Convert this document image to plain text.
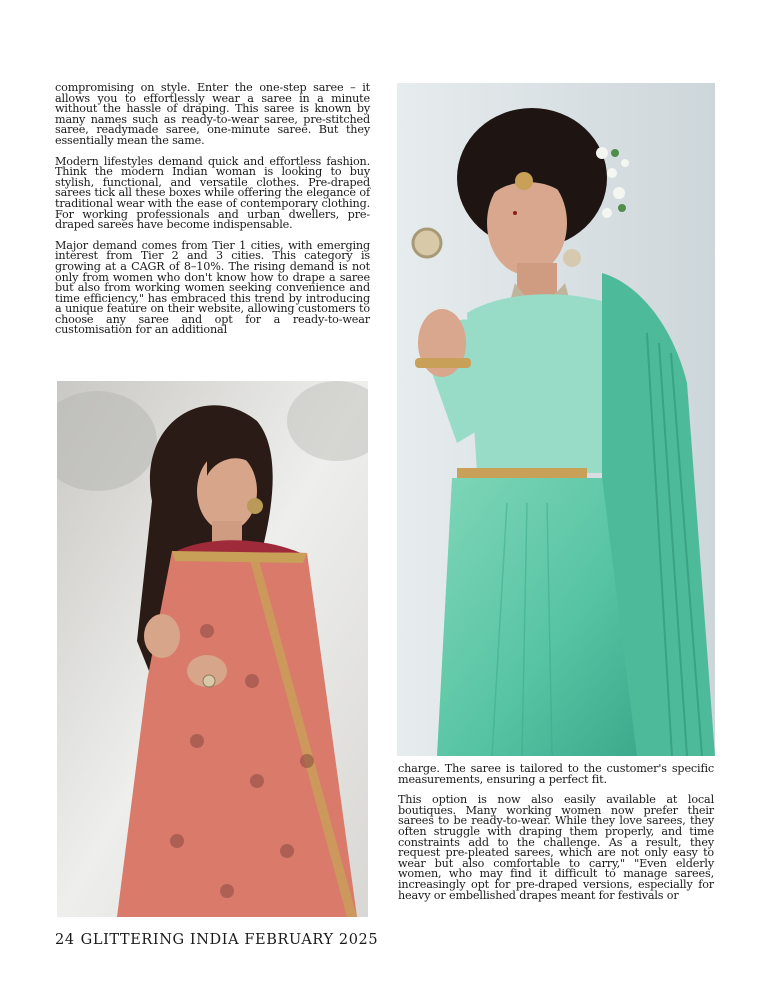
compromising on style. Enter the one-step saree – it allows you to effortlessly wear a saree in a minute without the hassle of draping. This saree is known by many names such as ready-to-wear saree, pre-stitched saree, readymade saree, one-minute saree. But they essentially mean the same.

Modern lifestyles demand quick and effortless fashion. Think the modern Indian woman is looking to buy stylish, functional, and versatile clothes. Pre-draped sarees tick all these boxes while offering the elegance of traditional wear with the ease of contemporary clothing. For working professionals and urban dwellers, pre-draped sarees have become indispensable.

Major demand comes from Tier 1 cities, with emerging interest from Tier 2 and 3 cities. This category is growing at a CAGR of 8–10%. The rising demand is not only from women who don't know how to drape a saree but also from working women seeking convenience and time efficiency," has embraced this trend by introducing a unique feature on their website, allowing customers to choose any saree and opt for a ready-to-wear customisation for an additional

charge. The saree is tailored to the customer's specific measurements, ensuring a perfect fit.

This option is now also easily available at local boutiques. Many working women now prefer their sarees to be ready-to-wear. While they love sarees, they often struggle with draping them properly, and time constraints add to the challenge. As a result, they request pre-pleated sarees, which are not only easy to wear but also comfortable to carry," "Even elderly women, who may find it difficult to manage sarees, increasingly opt for pre-draped versions, especially for heavy or embellished drapes meant for festivals or

24 GLITTERING INDIA FEBRUARY 2025
